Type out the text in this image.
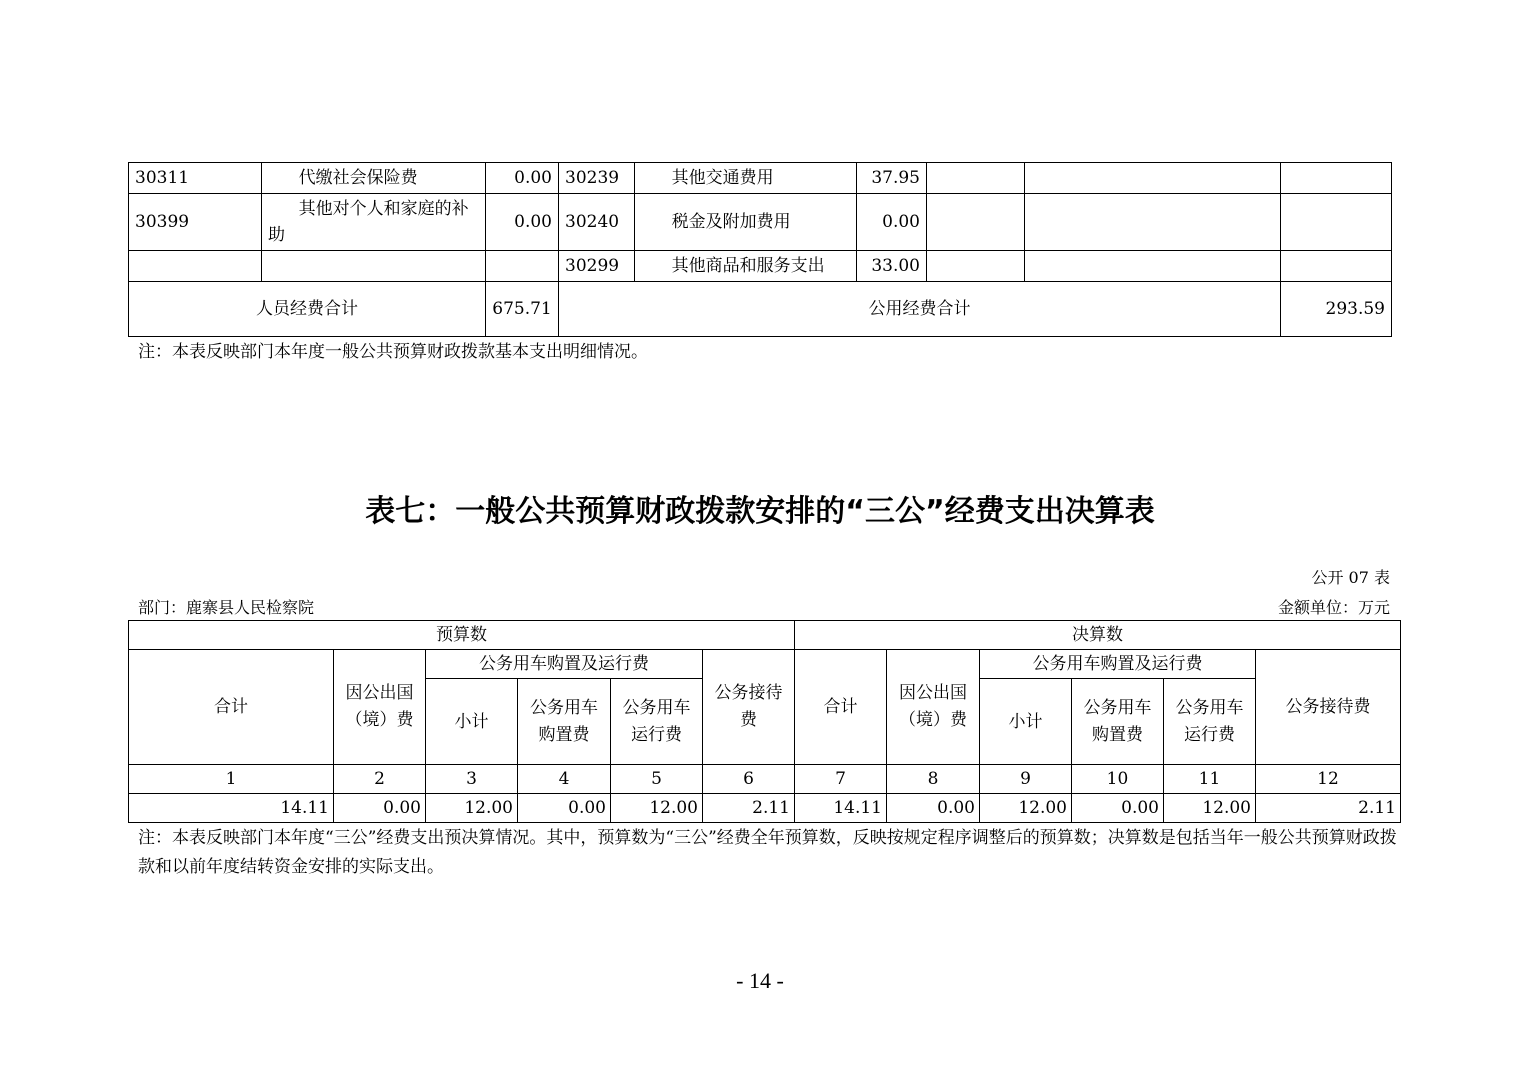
30311	代缴社会保险费	0.00	30239	其他交通费用	37.95			
30399	其他对个人和家庭的补助	0.00	30240	税金及附加费用	0.00			
			30299	其他商品和服务支出	33.00			
人员经费合计		675.71	公用经费合计					293.59
注：本表反映部门本年度一般公共预算财政拨款基本支出明细情况。
表七：一般公共预算财政拨款安排的“三公”经费支出决算表
公开 07 表
部门：鹿寨县人民检察院	金额单位：万元
预算数						决算数					
合计	因公出国（境）费	公务用车购置及运行费			公务接待费	合计	因公出国（境）费	公务用车购置及运行费			公务接待费
		小计	公务用车购置费	公务用车运行费				小计	公务用车购置费	公务用车运行费	
1	2	3	4	5	6	7	8	9	10	11	12
14.11	0.00	12.00	0.00	12.00	2.11	14.11	0.00	12.00	0.00	12.00	2.11
注：本表反映部门本年度“三公”经费支出预决算情况。其中，预算数为“三公”经费全年预算数，反映按规定程序调整后的预算数；决算数是包括当年一般公共预算财政拨款和以前年度结转资金安排的实际支出。
- 14 -
